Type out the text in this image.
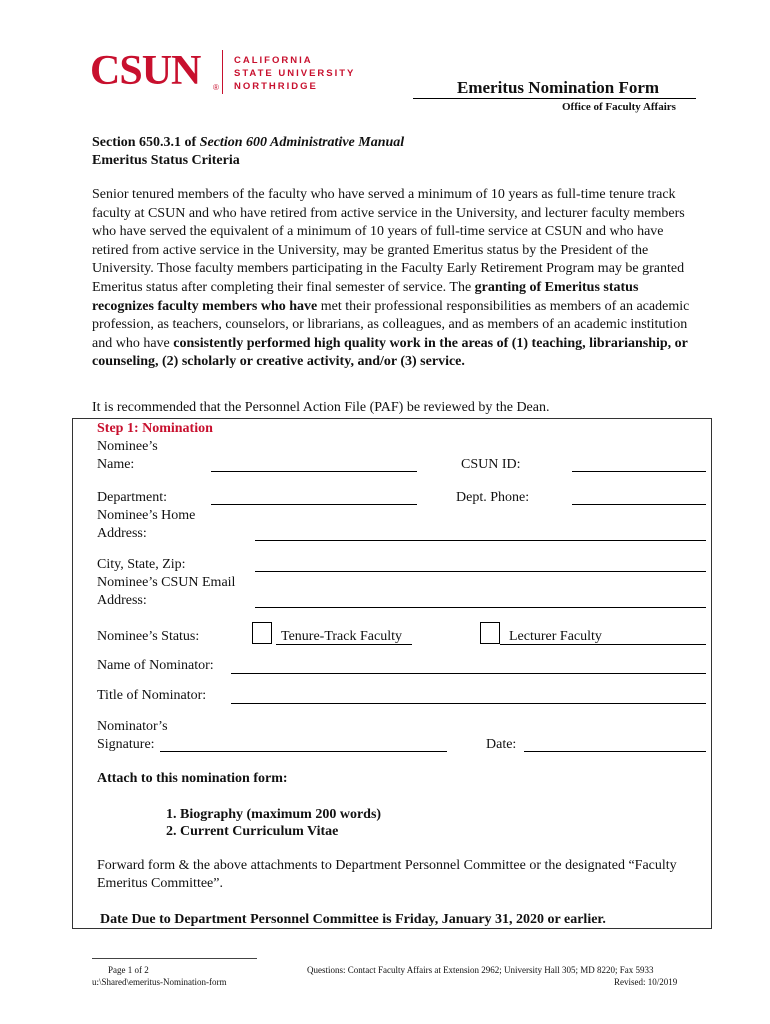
CSUN ®
CALIFORNIA
STATE UNIVERSITY
NORTHRIDGE	Emeritus Nomination Form
Office of Faculty Affairs
Section 650.3.1 of Section 600 Administrative Manual
Emeritus Status Criteria
Senior tenured members of the faculty who have served a minimum of 10 years as full-time tenure track faculty at CSUN and who have retired from active service in the University, and lecturer faculty members who have served the equivalent of a minimum of 10 years of full-time service at CSUN and who have retired from active service in the University, may be granted Emeritus status by the President of the University. Those faculty members participating in the Faculty Early Retirement Program may be granted Emeritus status after completing their final semester of service. The granting of Emeritus status recognizes faculty members who have met their professional responsibilities as members of an academic profession, as teachers, counselors, or librarians, as colleagues, and as members of an academic institution and who have consistently performed high quality work in the areas of (1) teaching, librarianship, or counseling, (2) scholarly or creative activity, and/or (3) service.
It is recommended that the Personnel Action File (PAF) be reviewed by the Dean.
Step 1: Nomination
Nominee’s
Name:	CSUN ID:
Department:	Dept. Phone:
Nominee’s Home
Address:
City, State, Zip:
Nominee’s CSUN Email
Address:
Nominee’s Status:	Tenure-Track Faculty	Lecturer Faculty
Name of Nominator:
Title of Nominator:
Nominator’s
Signature:	Date:
Attach to this nomination form:
1. Biography (maximum 200 words)
2. Current Curriculum Vitae
Forward form & the above attachments to Department Personnel Committee or the designated “Faculty Emeritus Committee”.
Date Due to Department Personnel Committee is Friday, January 31, 2020 or earlier.
Page 1 of 2
u:\Shared\emeritus-Nomination-form
Questions: Contact Faculty Affairs at Extension 2962; University Hall 305; MD 8220; Fax 5933
Revised: 10/2019
